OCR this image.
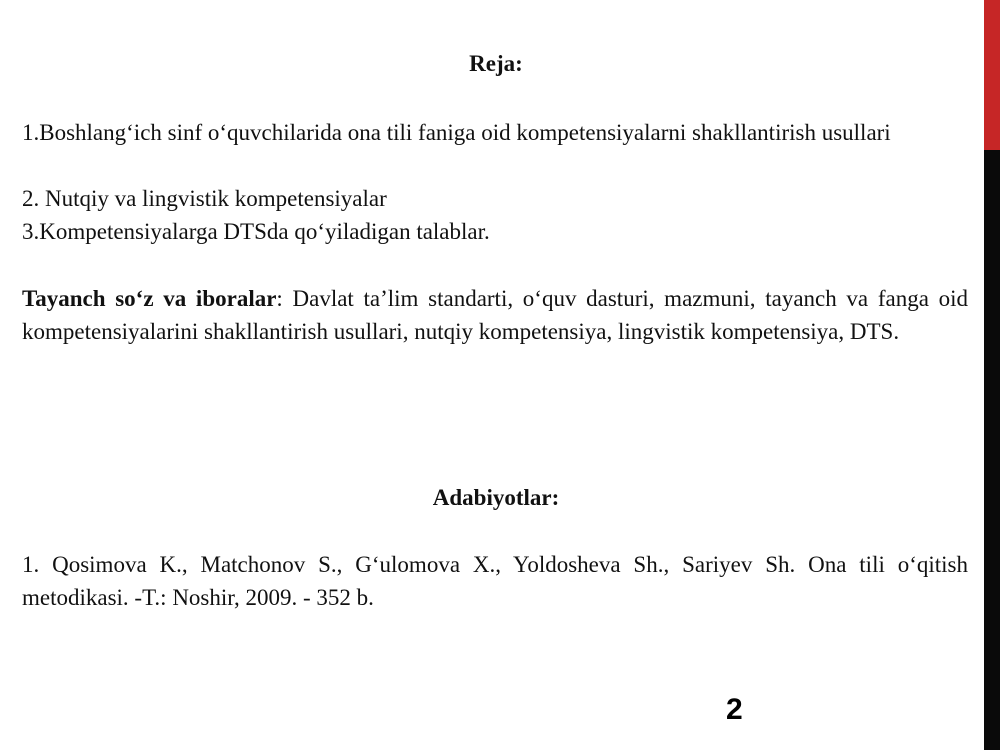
Reja:
1.Boshlang‘ich sinf o‘quvchilarida ona tili faniga oid kompetensiyalarni shakllantirish usullari
2. Nutqiy va lingvistik kompetensiyalar
3.Kompetensiyalarga DTSda qo‘yiladigan talablar.
Tayanch so‘z va iboralar: Davlat ta’lim standarti, o‘quv dasturi, mazmuni, tayanch va fanga oid kompetensiyalarini shakllantirish usullari, nutqiy kompetensiya, lingvistik kompetensiya, DTS.
Adabiyotlar:
1. Qosimova K., Matchonov S., G‘ulomova X., Yoldosheva Sh., Sariyev Sh. Ona tili o‘qitish metodikasi. -T.: Noshir, 2009. - 352 b.
2
